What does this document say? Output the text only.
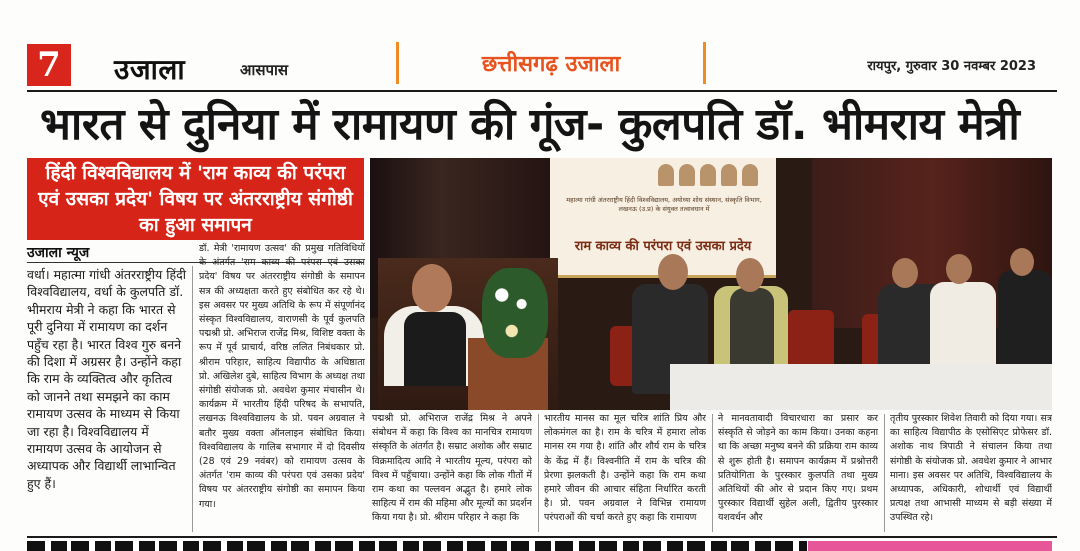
7	उजाला	आसपास	छत्तीसगढ़ उजाला	रायपुर, गुरुवार 30 नवम्बर 2023
भारत से दुनिया में रामायण की गूंज- कुलपति डॉ. भीमराय मेत्री
हिंदी विश्वविद्यालय में 'राम काव्य की परंपरा एवं उसका प्रदेय' विषय पर अंतरराष्ट्रीय संगोष्ठी का हुआ समापन
उजाला न्यूज
वर्धा। महात्मा गांधी अंतरराष्ट्रीय हिंदी विश्वविद्यालय, वर्धा के कुलपति डॉ. भीमराय मेत्री ने कहा कि भारत से पूरी दुनिया में रामायण का दर्शन पहुँच रहा है। भारत विश्व गुरु बनने की दिशा में अग्रसर है। उन्होंने कहा कि राम के व्यक्तित्व और कृतित्व को जानने तथा समझने का काम रामायण उत्सव के माध्यम से किया जा रहा है। विश्वविद्यालय में रामायण उत्सव के आयोजन से अध्यापक और विद्यार्थी लाभान्वित हुए हैं।
डॉ. मेत्री 'रामायण उत्सव' की प्रमुख गतिविधियों के अंतर्गत 'राम काव्य की परंपरा एवं उसका प्रदेय' विषय पर अंतरराष्ट्रीय संगोष्ठी के समापन सत्र की अध्यक्षता करते हुए संबोधित कर रहे थे। इस अवसर पर मुख्य अतिथि के रूप में संपूर्णानंद संस्कृत विश्वविद्यालय, वाराणसी के पूर्व कुलपति पद्मश्री प्रो. अभिराज राजेंद्र मिश्र, विशिष्ट वक्ता के रूप में पूर्व प्राचार्य, वरिष्ठ ललित निबंधकार प्रो. श्रीराम परिहार, साहित्य विद्यापीठ के अधिष्ठाता प्रो. अखिलेश दुबे, साहित्य विभाग के अध्यक्ष तथा संगोष्ठी संयोजक प्रो. अवधेश कुमार मंचासीन थे। कार्यक्रम में भारतीय हिंदी परिषद के सभापति, लखनऊ विश्वविद्यालय के प्रो. पवन अग्रवाल ने बतौर मुख्य वक्ता ऑनलाइन संबोधित किया। विश्वविद्यालय के गालिब सभागार में दो दिवसीय (28 एवं 29 नवंबर) को रामायण उत्सव के अंतर्गत 'राम काव्य की परंपरा एवं उसका प्रदेय' विषय पर अंतरराष्ट्रीय संगोष्ठी का समापन किया गया।
महात्मा गांधी अंतरराष्ट्रीय हिंदी विश्वविद्यालय, अयोध्या शोध संस्थान, संस्कृति विभाग, लखनऊ (उ.प्र) के संयुक्त तत्वावधान में
राम काव्य की परंपरा एवं उसका प्रदेय
पद्मश्री प्रो. अभिराज राजेंद्र मिश्र ने अपने संबोधन में कहा कि विश्व का मानचित्र रामायण संस्कृति के अंतर्गत है। सम्राट अशोक और सम्राट विक्रमादित्य आदि ने भारतीय मूल्य, परंपरा को विश्व में पहुँचाया। उन्होंने कहा कि लोक गीतों में राम कथा का पल्लवन अद्भुत है। हमारे लोक साहित्य में राम की महिमा और मूल्यों का प्रदर्शन किया गया है। प्रो. श्रीराम परिहार ने कहा कि
भारतीय मानस का मूल चरित्र शांति प्रिय और लोकमंगल का है। राम के चरित्र में हमारा लोक मानस रम गया है। शांति और शौर्य राम के चरित्र के केंद्र में हैं। विश्वनीति में राम के चरित्र की प्रेरणा झलकती है। उन्होंने कहा कि राम कथा हमारे जीवन की आचार संहिता निर्धारित करती है। प्रो. पवन अग्रवाल ने विभिन्न रामायण परंपराओं की चर्चा करते हुए कहा कि रामायण
ने मानवतावादी विचारधारा का प्रसार कर संस्कृति से जोड़ने का काम किया। उनका कहना था कि अच्छा मनुष्य बनने की प्रक्रिया राम काव्य से शुरू होती है। समापन कार्यक्रम में प्रश्नोत्तरी प्रतियोगिता के पुरस्कार कुलपति तथा मुख्य अतिथियों की ओर से प्रदान किए गए। प्रथम पुरस्कार विद्यार्थी सुहेल अली, द्वितीय पुरस्कार यशवर्धन और
तृतीय पुरस्कार शिवेश तिवारी को दिया गया। सत्र का साहित्य विद्यापीठ के एसोसिएट प्रोफेसर डॉ. अशोक नाथ त्रिपाठी ने संचालन किया तथा संगोष्ठी के संयोजक प्रो. अवधेश कुमार ने आभार माना। इस अवसर पर अतिथि, विश्वविद्यालय के अध्यापक, अधिकारी, शोधार्थी एवं विद्यार्थी प्रत्यक्ष तथा आभासी माध्यम से बड़ी संख्या में उपस्थित रहे।
